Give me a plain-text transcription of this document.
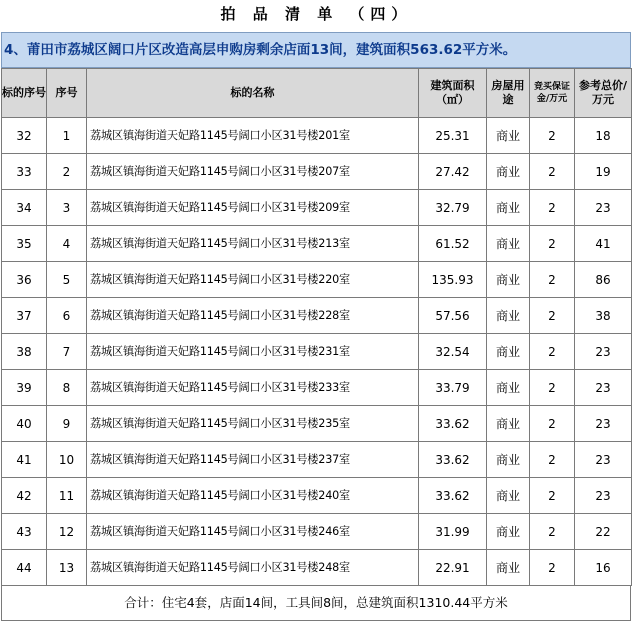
拍 品 清 单 （四）
4、莆田市荔城区阔口片区改造高层申购房剩余店面13间，建筑面积563.62平方米。
标的序号	序号	标的名称	建筑面积（㎡）	房屋用途	竞买保证金/万元	参考总价/万元
32	1	荔城区镇海街道天妃路1145号阔口小区31号楼201室	25.31	商业	2	18
33	2	荔城区镇海街道天妃路1145号阔口小区31号楼207室	27.42	商业	2	19
34	3	荔城区镇海街道天妃路1145号阔口小区31号楼209室	32.79	商业	2	23
35	4	荔城区镇海街道天妃路1145号阔口小区31号楼213室	61.52	商业	2	41
36	5	荔城区镇海街道天妃路1145号阔口小区31号楼220室	135.93	商业	2	86
37	6	荔城区镇海街道天妃路1145号阔口小区31号楼228室	57.56	商业	2	38
38	7	荔城区镇海街道天妃路1145号阔口小区31号楼231室	32.54	商业	2	23
39	8	荔城区镇海街道天妃路1145号阔口小区31号楼233室	33.79	商业	2	23
40	9	荔城区镇海街道天妃路1145号阔口小区31号楼235室	33.62	商业	2	23
41	10	荔城区镇海街道天妃路1145号阔口小区31号楼237室	33.62	商业	2	23
42	11	荔城区镇海街道天妃路1145号阔口小区31号楼240室	33.62	商业	2	23
43	12	荔城区镇海街道天妃路1145号阔口小区31号楼246室	31.99	商业	2	22
44	13	荔城区镇海街道天妃路1145号阔口小区31号楼248室	22.91	商业	2	16
合计：住宅4套，店面14间，工具间8间，总建筑面积1310.44平方米
